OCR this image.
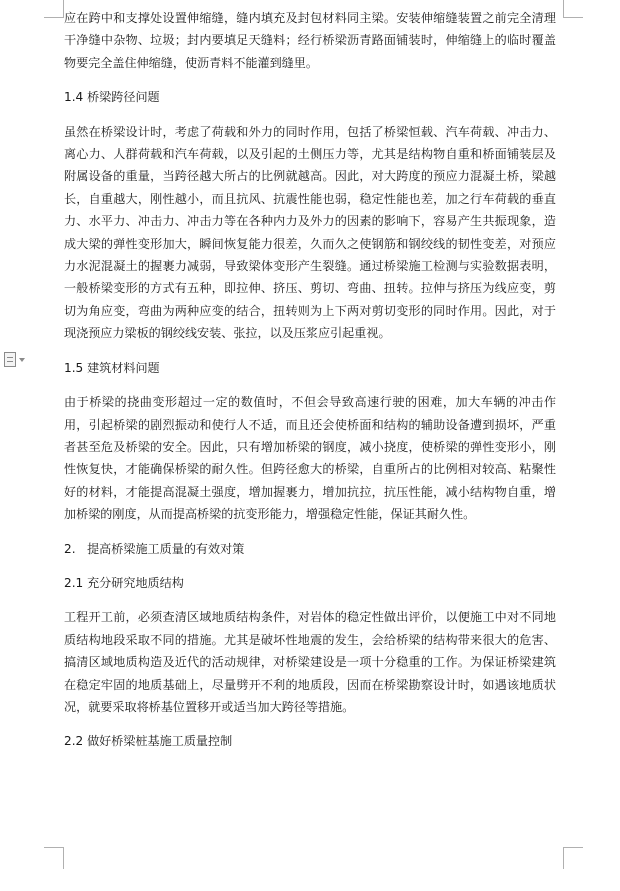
应在跨中和支撑处设置伸缩缝，缝内填充及封包材料同主梁。安装伸缩缝装置之前完全清理干净缝中杂物、垃圾；封内要填足天缝料；经行桥梁沥青路面铺装时，伸缩缝上的临时覆盖物要完全盖住伸缩缝，使沥青料不能灌到缝里。

1.4 桥梁跨径问题

虽然在桥梁设计时，考虑了荷载和外力的同时作用，包括了桥梁恒载、汽车荷载、冲击力、离心力、人群荷载和汽车荷载，以及引起的土侧压力等，尤其是结构物自重和桥面铺装层及附属设备的重量，当跨径越大所占的比例就越高。因此，对大跨度的预应力混凝土桥，梁越长，自重越大，刚性越小，而且抗风、抗震性能也弱，稳定性能也差，加之行车荷载的垂直力、水平力、冲击力、冲击力等在各种内力及外力的因素的影响下，容易产生共振现象，造成大梁的弹性变形加大，瞬间恢复能力很差，久而久之使钢筋和钢绞线的韧性变差，对预应力水泥混凝土的握裹力减弱，导致梁体变形产生裂缝。通过桥梁施工检测与实验数据表明，一般桥梁变形的方式有五种，即拉伸、挤压、剪切、弯曲、扭转。拉伸与挤压为线应变，剪切为角应变，弯曲为两种应变的结合，扭转则为上下两对剪切变形的同时作用。因此，对于现浇预应力梁板的钢绞线安装、张拉，以及压浆应引起重视。

1.5 建筑材料问题

由于桥梁的挠曲变形超过一定的数值时，不但会导致高速行驶的困难，加大车辆的冲击作用，引起桥梁的剧烈振动和使行人不适，而且还会使桥面和结构的辅助设备遭到损坏，严重者甚至危及桥梁的安全。因此，只有增加桥梁的钢度，减小挠度，使桥梁的弹性变形小，刚性恢复快，才能确保桥梁的耐久性。但跨径愈大的桥梁，自重所占的比例相对较高、粘聚性好的材料，才能提高混凝土强度，增加握裹力，增加抗拉，抗压性能，减小结构物自重，增加桥梁的刚度，从而提高桥梁的抗变形能力，增强稳定性能，保证其耐久性。

2.   提高桥梁施工质量的有效对策
2.1 充分研究地质结构

工程开工前，必须查清区域地质结构条件，对岩体的稳定性做出评价，以便施工中对不同地质结构地段采取不同的措施。尤其是破坏性地震的发生，会给桥梁的结构带来很大的危害、搞清区域地质构造及近代的活动规律，对桥梁建设是一项十分稳重的工作。为保证桥梁建筑在稳定牢固的地质基础上，尽量劈开不利的地质段，因而在桥梁勘察设计时，如遇该地质状况，就要采取将桥基位置移开或适当加大跨径等措施。

2.2 做好桥梁桩基施工质量控制
